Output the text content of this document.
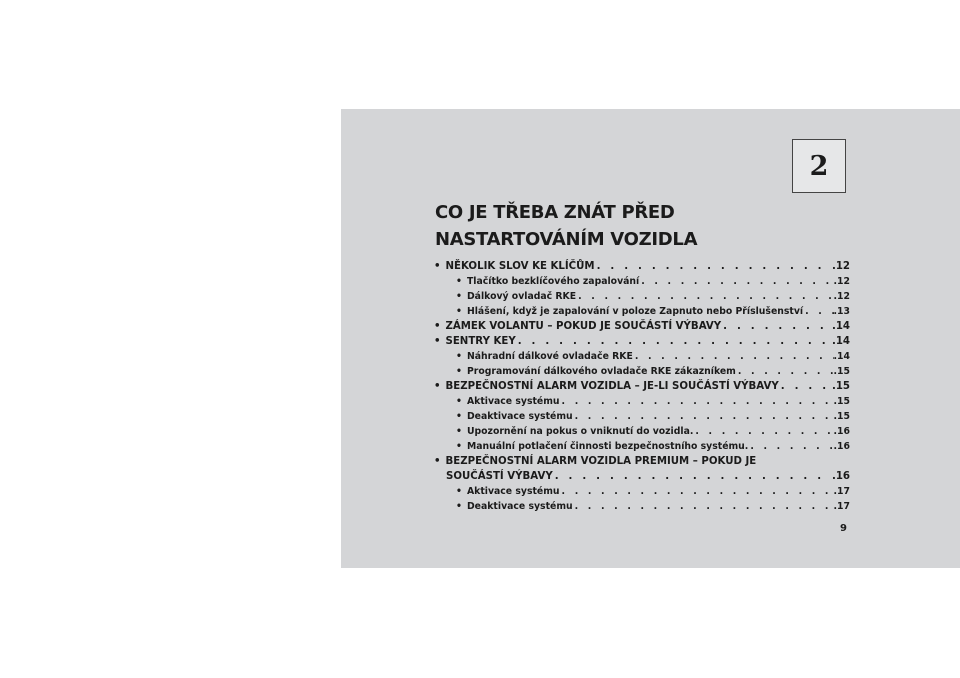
2
CO JE TŘEBA ZNÁT PŘED
NASTARTOVÁNÍM VOZIDLA
• NĚKOLIK SLOV KE KLÍČŮM . . .	.12
• Tlačítko bezklíčového zapalování . . .	.12
• Dálkový ovladač RKE . . .	.12
• Hlášení, když je zapalování v poloze Zapnuto nebo Příslušenství . . .	.13
• ZÁMEK VOLANTU – POKUD JE SOUČÁSTÍ VÝBAVY . . .	.14
• SENTRY KEY . . .	.14
• Náhradní dálkové ovladače RKE . . .	.14
• Programování dálkového ovladače RKE zákazníkem . . .	.15
• BEZPEČNOSTNÍ ALARM VOZIDLA – JE-LI SOUČÁSTÍ VÝBAVY . . .	.15
• Aktivace systému . . .	.15
• Deaktivace systému . . .	.15
• Upozornění na pokus o vniknutí do vozidla. . . .	.16
• Manuální potlačení činnosti bezpečnostního systému. . . .	.16
• BEZPEČNOSTNÍ ALARM VOZIDLA PREMIUM – POKUD JE
SOUČÁSTÍ VÝBAVY . . .	.16
• Aktivace systému . . .	.17
• Deaktivace systému . . .	.17
9
